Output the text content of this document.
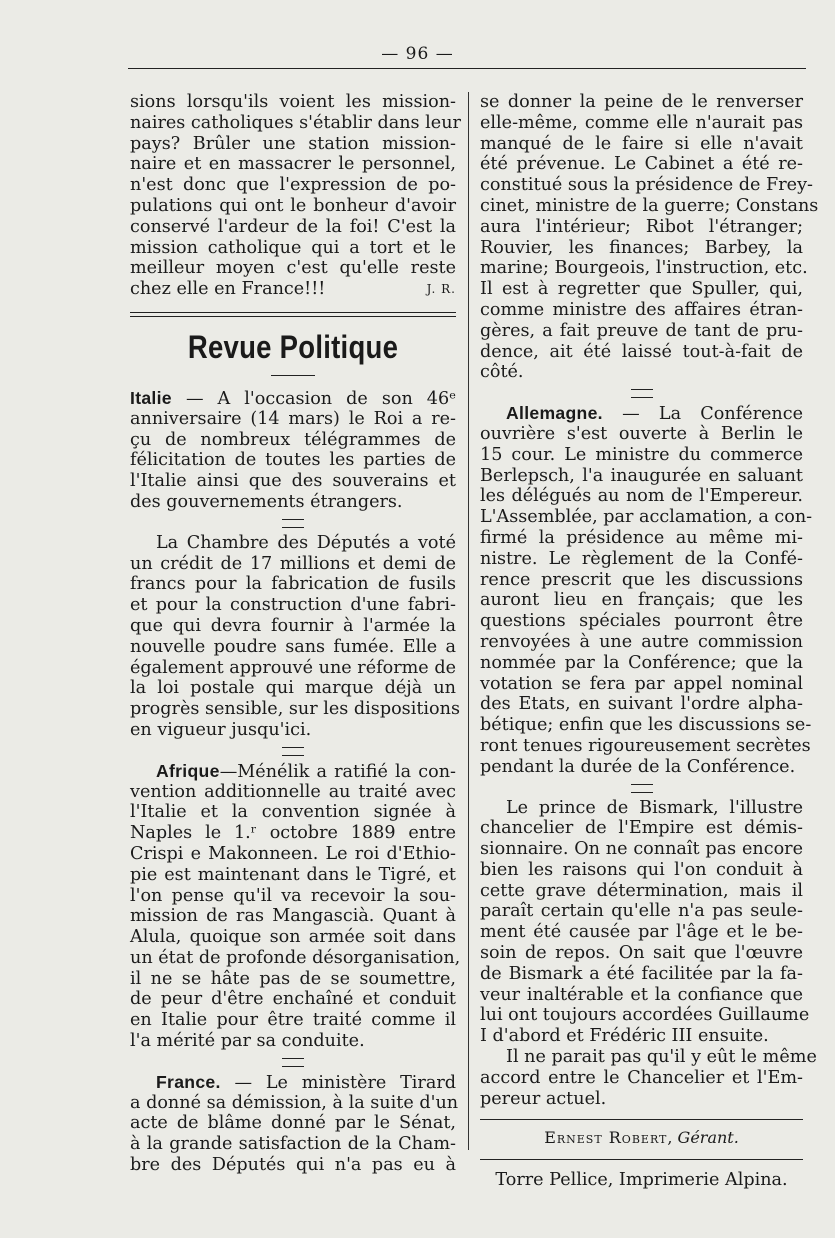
— 96 —
sions lorsqu'ils voient les mission-
naires catholiques s'établir dans leur
pays? Brûler une station mission-
naire et en massacrer le personnel,
n'est donc que l'expression de po-
pulations qui ont le bonheur d'avoir
conservé l'ardeur de la foi! C'est la
mission catholique qui a tort et le
meilleur moyen c'est qu'elle reste
chez elle en France!!!	J. R.
Revue Politique
Italie — A l'occasion de son 46ᵉ
anniversaire (14 mars) le Roi a re-
çu de nombreux télégrammes de
félicitation de toutes les parties de
l'Italie ainsi que des souverains et
des gouvernements étrangers.
La Chambre des Députés a voté
un crédit de 17 millions et demi de
francs pour la fabrication de fusils
et pour la construction d'une fabri-
que qui devra fournir à l'armée la
nouvelle poudre sans fumée. Elle a
également approuvé une réforme de
la loi postale qui marque déjà un
progrès sensible, sur les dispositions
en vigueur jusqu'ici.
Afrique—Ménélik a ratifié la con-
vention additionnelle au traité avec
l'Italie et la convention signée à
Naples le 1.ʳ octobre 1889 entre
Crispi e Makonneen. Le roi d'Ethio-
pie est maintenant dans le Tigré, et
l'on pense qu'il va recevoir la sou-
mission de ras Mangascià. Quant à
Alula, quoique son armée soit dans
un état de profonde désorganisation,
il ne se hâte pas de se soumettre,
de peur d'être enchaîné et conduit
en Italie pour être traité comme il
l'a mérité par sa conduite.
France. — Le ministère Tirard
a donné sa démission, à la suite d'un
acte de blâme donné par le Sénat,
à la grande satisfaction de la Cham-
bre des Députés qui n'a pas eu à
se donner la peine de le renverser
elle-même, comme elle n'aurait pas
manqué de le faire si elle n'avait
été prévenue. Le Cabinet a été re-
constitué sous la présidence de Frey-
cinet, ministre de la guerre; Constans
aura l'intérieur; Ribot l'étranger;
Rouvier, les finances; Barbey, la
marine; Bourgeois, l'instruction, etc.
Il est à regretter que Spuller, qui,
comme ministre des affaires étran-
gères, a fait preuve de tant de pru-
dence, ait été laissé tout-à-fait de
côté.
Allemagne. — La Conférence
ouvrière s'est ouverte à Berlin le
15 cour. Le ministre du commerce
Berlepsch, l'a inaugurée en saluant
les délégués au nom de l'Empereur.
L'Assemblée, par acclamation, a con-
firmé la présidence au même mi-
nistre. Le règlement de la Confé-
rence prescrit que les discussions
auront lieu en français; que les
questions spéciales pourront être
renvoyées à une autre commission
nommée par la Conférence; que la
votation se fera par appel nominal
des Etats, en suivant l'ordre alpha-
bétique; enfin que les discussions se-
ront tenues rigoureusement secrètes
pendant la durée de la Conférence.
Le prince de Bismark, l'illustre
chancelier de l'Empire est démis-
sionnaire. On ne connaît pas encore
bien les raisons qui l'on conduit à
cette grave détermination, mais il
paraît certain qu'elle n'a pas seule-
ment été causée par l'âge et le be-
soin de repos. On sait que l'œuvre
de Bismark a été facilitée par la fa-
veur inaltérable et la confiance que
lui ont toujours accordées Guillaume
I d'abord et Frédéric III ensuite.
Il ne parait pas qu'il y eût le même
accord entre le Chancelier et l'Em-
pereur actuel.
Ernest Robert, Gérant.
Torre Pellice, Imprimerie Alpina.
